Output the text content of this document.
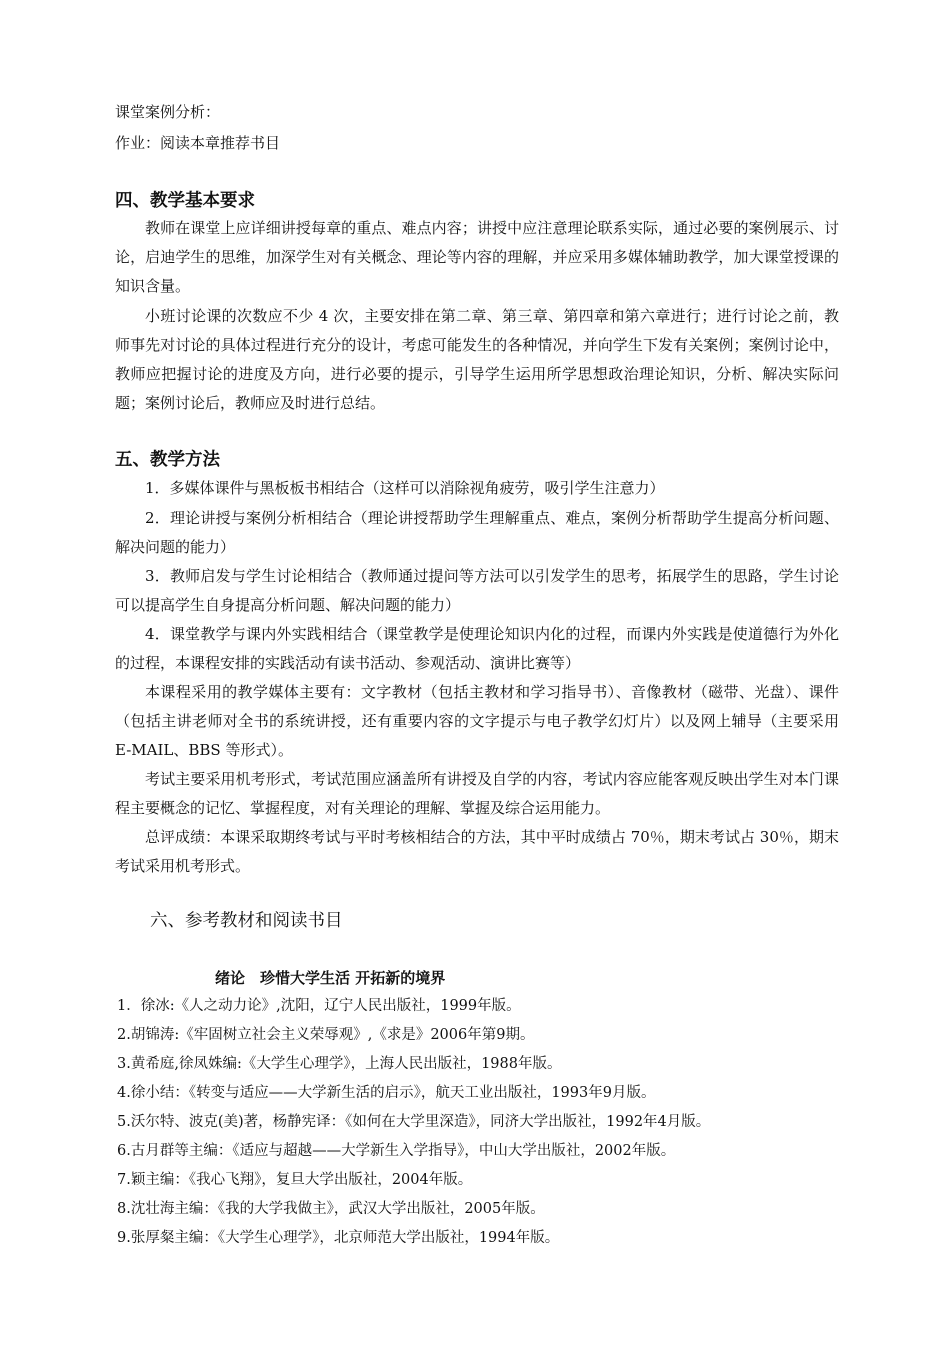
课堂案例分析：
作业：阅读本章推荐书目
四、教学基本要求
教师在课堂上应详细讲授每章的重点、难点内容；讲授中应注意理论联系实际，通过必要的案例展示、讨论，启迪学生的思维，加深学生对有关概念、理论等内容的理解，并应采用多媒体辅助教学，加大课堂授课的知识含量。
小班讨论课的次数应不少 4 次，主要安排在第二章、第三章、第四章和第六章进行；进行讨论之前，教师事先对讨论的具体过程进行充分的设计，考虑可能发生的各种情况，并向学生下发有关案例；案例讨论中，教师应把握讨论的进度及方向，进行必要的提示，引导学生运用所学思想政治理论知识，分析、解决实际问题；案例讨论后，教师应及时进行总结。
五、教学方法
1．多媒体课件与黑板板书相结合（这样可以消除视角疲劳，吸引学生注意力）
2．理论讲授与案例分析相结合（理论讲授帮助学生理解重点、难点，案例分析帮助学生提高分析问题、解决问题的能力）
3．教师启发与学生讨论相结合（教师通过提问等方法可以引发学生的思考，拓展学生的思路，学生讨论可以提高学生自身提高分析问题、解决问题的能力）
4．课堂教学与课内外实践相结合（课堂教学是使理论知识内化的过程，而课内外实践是使道德行为外化的过程，本课程安排的实践活动有读书活动、参观活动、演讲比赛等）
本课程采用的教学媒体主要有：文字教材（包括主教材和学习指导书）、音像教材（磁带、光盘）、课件（包括主讲老师对全书的系统讲授，还有重要内容的文字提示与电子教学幻灯片）以及网上辅导（主要采用 E-MAIL、BBS 等形式）。
考试主要采用机考形式，考试范围应涵盖所有讲授及自学的内容，考试内容应能客观反映出学生对本门课程主要概念的记忆、掌握程度，对有关理论的理解、掌握及综合运用能力。
总评成绩：本课采取期终考试与平时考核相结合的方法，其中平时成绩占 70％，期末考试占 30％，期末考试采用机考形式。
六、参考教材和阅读书目
绪论　珍惜大学生活 开拓新的境界
1．徐冰:《人之动力论》,沈阳，辽宁人民出版社，1999年版。
2.胡锦涛:《牢固树立社会主义荣辱观》,《求是》2006年第9期。
3.黄希庭,徐凤姝编:《大学生心理学》，上海人民出版社，1988年版。
4.徐小结：《转变与适应——大学新生活的启示》，航天工业出版社，1993年9月版。
5.沃尔特、波克(美)著，杨静宪译：《如何在大学里深造》，同济大学出版社，1992年4月版。
6.古月群等主编：《适应与超越——大学新生入学指导》，中山大学出版社，2002年版。
7.颖主编：《我心飞翔》，复旦大学出版社，2004年版。
8.沈壮海主编：《我的大学我做主》，武汉大学出版社，2005年版。
9.张厚粲主编：《大学生心理学》，北京师范大学出版社，1994年版。
